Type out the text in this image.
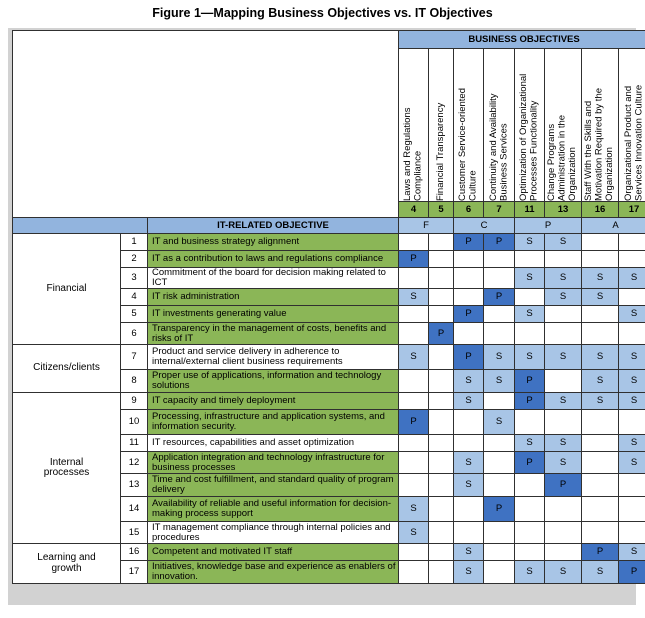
Figure 1—Mapping Business Objectives vs. IT Objectives
			BUSINESS OBJECTIVES							

			Laws and Regulations
Compliance	Financial Transparency	Customer Service-oriented
Culture	Continuity and Availability
Business Services	Optimization of Organizational
Processes Functionality	Change Programs
Administration in the
Organization	Staff With the Skills and
Motivation Required by the
Organization	Organizational Product and
Services Innovation Culture

			4	5	6	7	11	13	16	17
		IT-RELATED OBJECTIVE	F		C		P		A	
Financial	1	IT and business strategy alignment			P	P	S	S		
	2	IT as a contribution to laws and regulations compliance	P							
	3	Commitment of the board for decision making related to ICT					S	S	S	S
	4	IT risk administration	S			P		S	S	
	5	IT investments generating value			P		S			S
	6	Transparency in the management of costs, benefits and risks of IT		P						
Citizens/clients	7	Product and service delivery in adherence to internal/external client business requirements	S		P	S	S	S	S	S
	8	Proper use of applications, information and technology solutions			S	S	P		S	S
Internal
processes	9	IT capacity and timely deployment			S		P	S	S	S
	10	Processing, infrastructure and application systems, and information security.	P			S				
	11	IT resources, capabilities and asset optimization					S	S		S
	12	Application integration and technology infrastructure for business processes			S		P	S		S
	13	Time and cost fulfillment, and standard quality of program delivery			S			P		
	14	Availability of reliable and useful information for decision-making process support	S			P				
	15	IT management compliance through internal policies and procedures	S							
Learning and
growth	16	Competent and motivated IT staff			S				P	S
	17	Initiatives, knowledge base and experience as enablers of innovation.			S		S	S	S	P
